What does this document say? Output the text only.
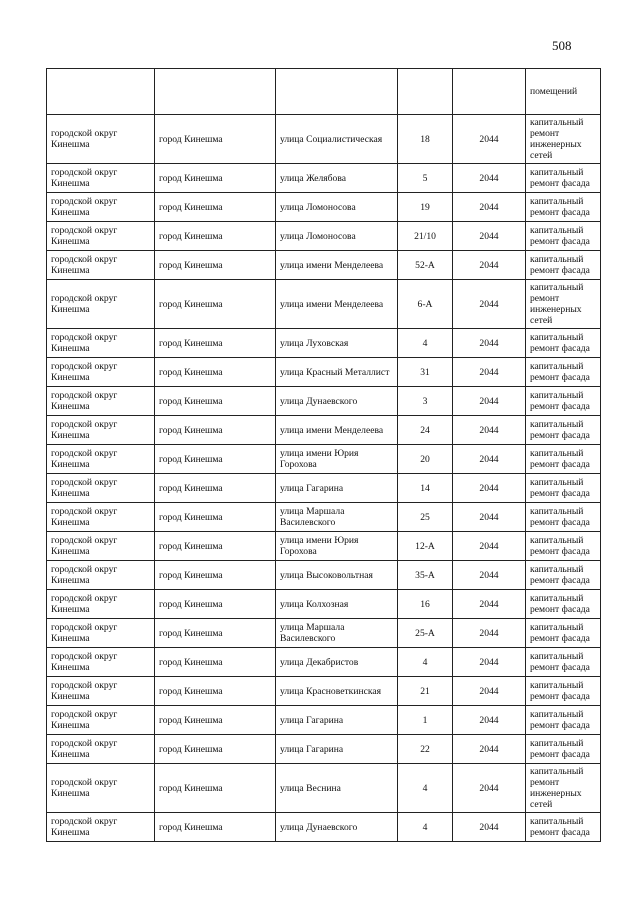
508
					помещений
городской округ Кинешма	город Кинешма	улица Социалистическая	18	2044	капитальный ремонт инженерных сетей
городской округ Кинешма	город Кинешма	улица Желябова	5	2044	капитальный ремонт фасада
городской округ Кинешма	город Кинешма	улица Ломоносова	19	2044	капитальный ремонт фасада
городской округ Кинешма	город Кинешма	улица Ломоносова	21/10	2044	капитальный ремонт фасада
городской округ Кинешма	город Кинешма	улица имени Менделеева	52-А	2044	капитальный ремонт фасада
городской округ Кинешма	город Кинешма	улица имени Менделеева	6-А	2044	капитальный ремонт инженерных сетей
городской округ Кинешма	город Кинешма	улица Луховская	4	2044	капитальный ремонт фасада
городской округ Кинешма	город Кинешма	улица Красный Металлист	31	2044	капитальный ремонт фасада
городской округ Кинешма	город Кинешма	улица Дунаевского	3	2044	капитальный ремонт фасада
городской округ Кинешма	город Кинешма	улица имени Менделеева	24	2044	капитальный ремонт фасада
городской округ Кинешма	город Кинешма	улица имени Юрия Горохова	20	2044	капитальный ремонт фасада
городской округ Кинешма	город Кинешма	улица Гагарина	14	2044	капитальный ремонт фасада
городской округ Кинешма	город Кинешма	улица Маршала Василевского	25	2044	капитальный ремонт фасада
городской округ Кинешма	город Кинешма	улица имени Юрия Горохова	12-А	2044	капитальный ремонт фасада
городской округ Кинешма	город Кинешма	улица Высоковольтная	35-А	2044	капитальный ремонт фасада
городской округ Кинешма	город Кинешма	улица Колхозная	16	2044	капитальный ремонт фасада
городской округ Кинешма	город Кинешма	улица Маршала Василевского	25-А	2044	капитальный ремонт фасада
городской округ Кинешма	город Кинешма	улица Декабристов	4	2044	капитальный ремонт фасада
городской округ Кинешма	город Кинешма	улица Красноветкинская	21	2044	капитальный ремонт фасада
городской округ Кинешма	город Кинешма	улица Гагарина	1	2044	капитальный ремонт фасада
городской округ Кинешма	город Кинешма	улица Гагарина	22	2044	капитальный ремонт фасада
городской округ Кинешма	город Кинешма	улица Веснина	4	2044	капитальный ремонт инженерных сетей
городской округ Кинешма	город Кинешма	улица Дунаевского	4	2044	капитальный ремонт фасада
